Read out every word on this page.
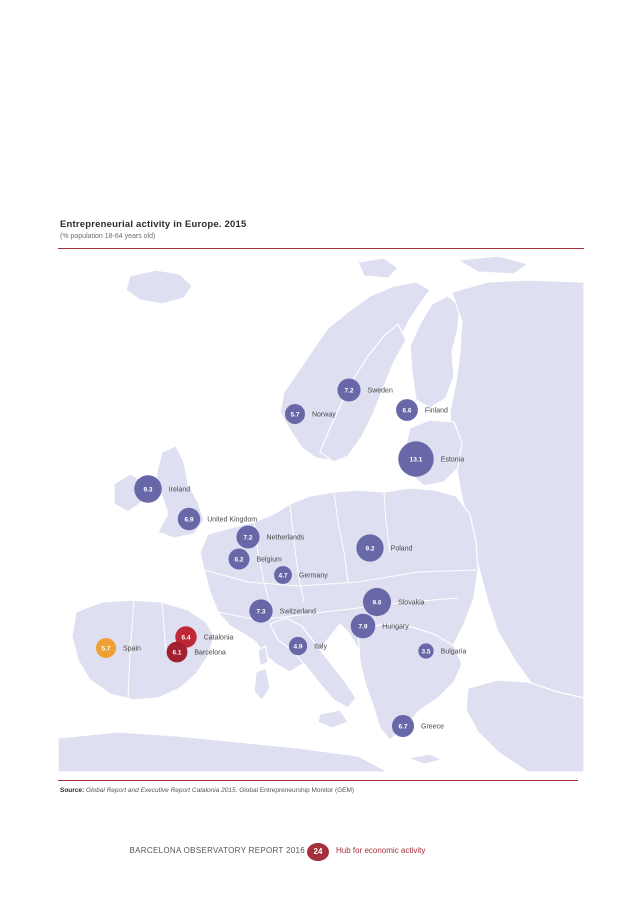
Entrepreneurial activity in Europe. 2015
(% population 18-64 years old)
7.2 Sweden
6.6 Finland
5.7 Norway
13.1	Estonia
9.3 Ireland
6.9 United Kingdom
7.2 Netherlands
9.2 Poland
6.2 Belgium
4.7 Germany
9.6 Slovakia
7.3 Switzerland
7.9 Hungary
6.4 Catalonia
5.7 Spain
6.1 Barcelona
4.9 Italy
3.5 Bulgaria
6.7 Greece
Source: Global Report and Executive Report Catalonia 2015. Global Entrepreneurship Monitor (GEM)
BARCELONA OBSERVATORY REPORT 2016	24	Hub for economic activity
